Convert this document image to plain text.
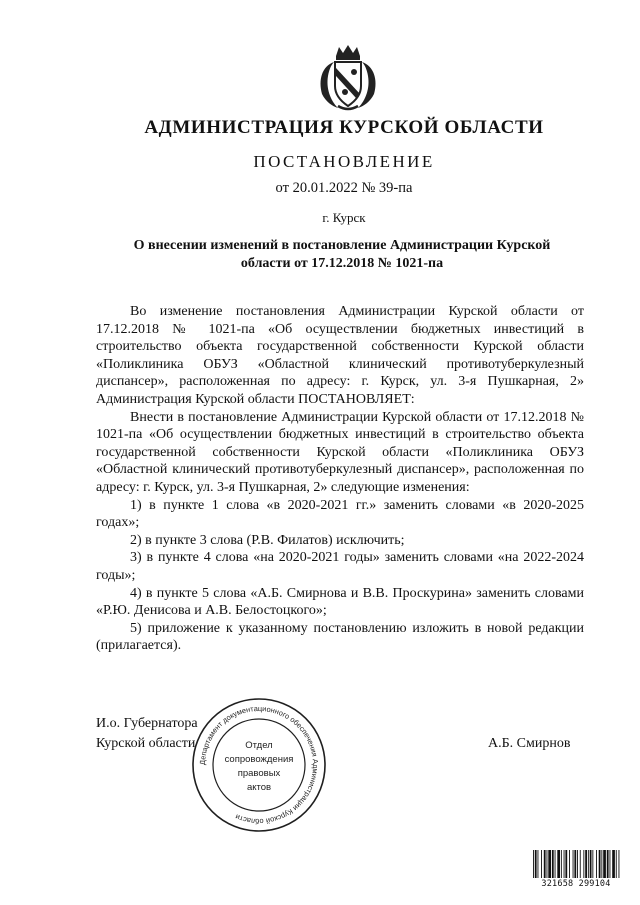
АДМИНИСТРАЦИЯ КУРСКОЙ ОБЛАСТИ
ПОСТАНОВЛЕНИЕ
от 20.01.2022 № 39-па
г. Курск
О внесении изменений в постановление Администрации Курской
области от 17.12.2018 № 1021-па

Во изменение постановления Администрации Курской области от 17.12.2018 № 1021-па «Об осуществлении бюджетных инвестиций в строительство объекта государственной собственности Курской области «Поликлиника ОБУЗ «Областной клинический противотуберкулезный диспансер», расположенная по адресу: г. Курск, ул. 3-я Пушкарная, 2» Администрация Курской области ПОСТАНОВЛЯЕТ:

Внести в постановление Администрации Курской области от 17.12.2018 № 1021-па «Об осуществлении бюджетных инвестиций в строительство объекта государственной собственности Курской области «Поликлиника ОБУЗ «Областной клинический противотуберкулезный диспансер», расположенная по адресу: г. Курск, ул. 3-я Пушкарная, 2» следующие изменения:

1) в пункте 1 слова «в 2020-2021 гг.» заменить словами «в 2020-2025 годах»;

2) в пункте 3 слова (Р.В. Филатов) исключить;

3) в пункте 4 слова «на 2020-2021 годы» заменить словами «на 2022-2024 годы»;

4) в пункте 5 слова «А.Б. Смирнова и В.В. Проскурина» заменить словами «Р.Ю. Денисова и А.В. Белостоцкого»;

5) приложение к указанному постановлению изложить в новой редакции (прилагается).

И.о. Губернатора
Курской области	А.Б. Смирнов
Департамент документационного обеспечения Администрации Курской области
Отдел
сопровождения
правовых
актов
321658 299104
